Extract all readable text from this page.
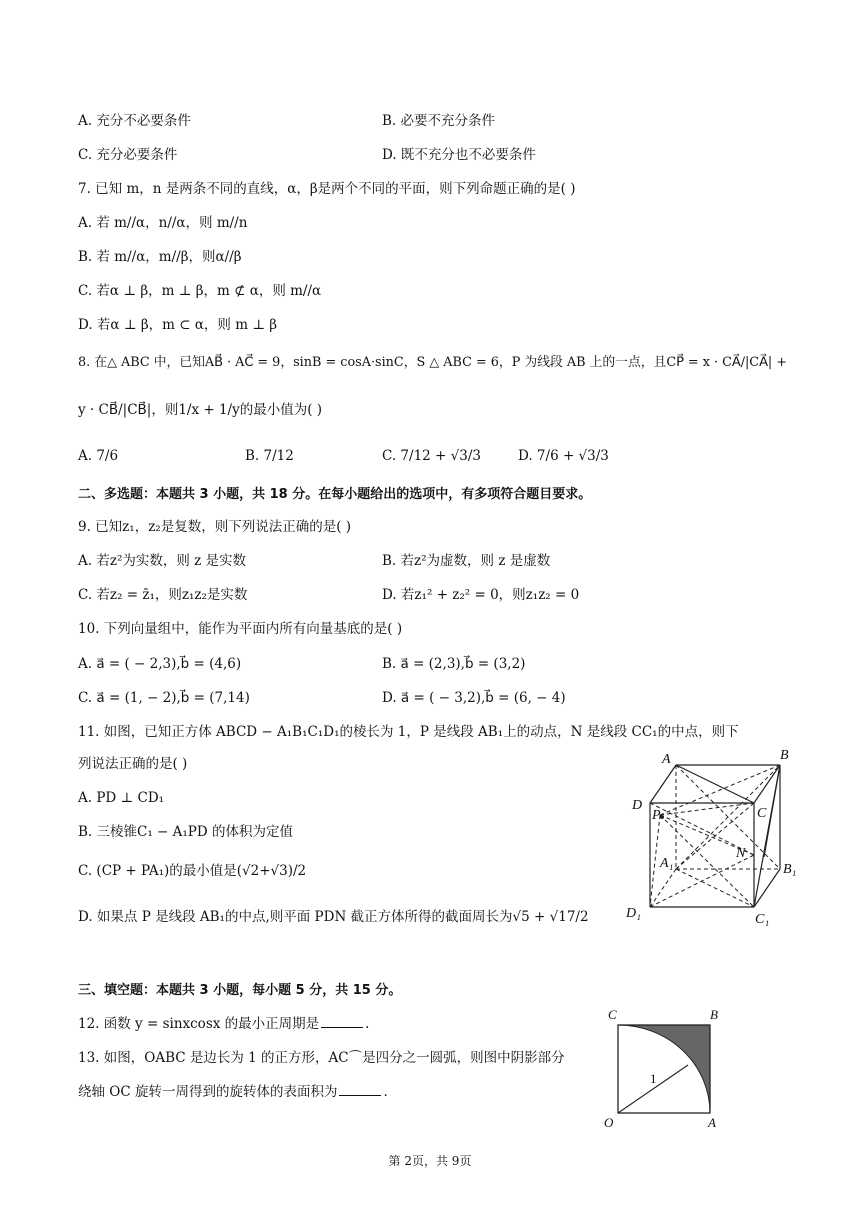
A. 充分不必要条件	B. 必要不充分条件
C. 充分必要条件	D. 既不充分也不必要条件
7. 已知 m，n 是两条不同的直线，α，β是两个不同的平面，则下列命题正确的是( )
A. 若 m//α，n//α，则 m//n
B. 若 m//α，m//β，则α//β
C. 若α ⊥ β，m ⊥ β，m ⊄ α，则 m//α
D. 若α ⊥ β，m ⊂ α，则 m ⊥ β
8. 在△ ABC 中，已知AB⃗ · AC⃗ = 9，sinB = cosA·sinC，S △ ABC = 6，P 为线段 AB 上的一点，且CP⃗ = x · CA⃗/|CA⃗| +
y · CB⃗/|CB⃗|，则1/x + 1/y的最小值为( )
A. 7/6	B. 7/12	C. 7/12 + √3/3	D. 7/6 + √3/3
二、多选题：本题共 3 小题，共 18 分。在每小题给出的选项中，有多项符合题目要求。
9. 已知z₁，z₂是复数，则下列说法正确的是( )
A. 若z²为实数，则 z 是实数	B. 若z²为虚数，则 z 是虚数
C. 若z₂ = z̄₁，则z₁z₂是实数	D. 若z₁² + z₂² = 0，则z₁z₂ = 0
10. 下列向量组中，能作为平面内所有向量基底的是( )
A. a⃗ = ( − 2,3),b⃗ = (4,6)	B. a⃗ = (2,3),b⃗ = (3,2)
C. a⃗ = (1, − 2),b⃗ = (7,14)	D. a⃗ = ( − 3,2),b⃗ = (6, − 4)
11. 如图，已知正方体 ABCD − A₁B₁C₁D₁的棱长为 1，P 是线段 AB₁上的动点，N 是线段 CC₁的中点，则下
列说法正确的是( )
A. PD ⊥ CD₁
B. 三棱锥C₁ − A₁PD 的体积为定值
C. (CP + PA₁)的最小值是(√2+√3)/2
D. 如果点 P 是线段 AB₁的中点,则平面 PDN 截正方体所得的截面周长为√5 + √17/2
A	B
C
D
P
N
A₁	B₁
C₁
D₁
三、填空题：本题共 3 小题，每小题 5 分，共 15 分。
12. 函数 y = sinxcosx 的最小正周期是	.
13. 如图，OABC 是边长为 1 的正方形，AC⌒是四分之一圆弧，则图中阴影部分
绕轴 OC 旋转一周得到的旋转体的表面积为	.
C	B
O	A
1
第 2页，共 9页
